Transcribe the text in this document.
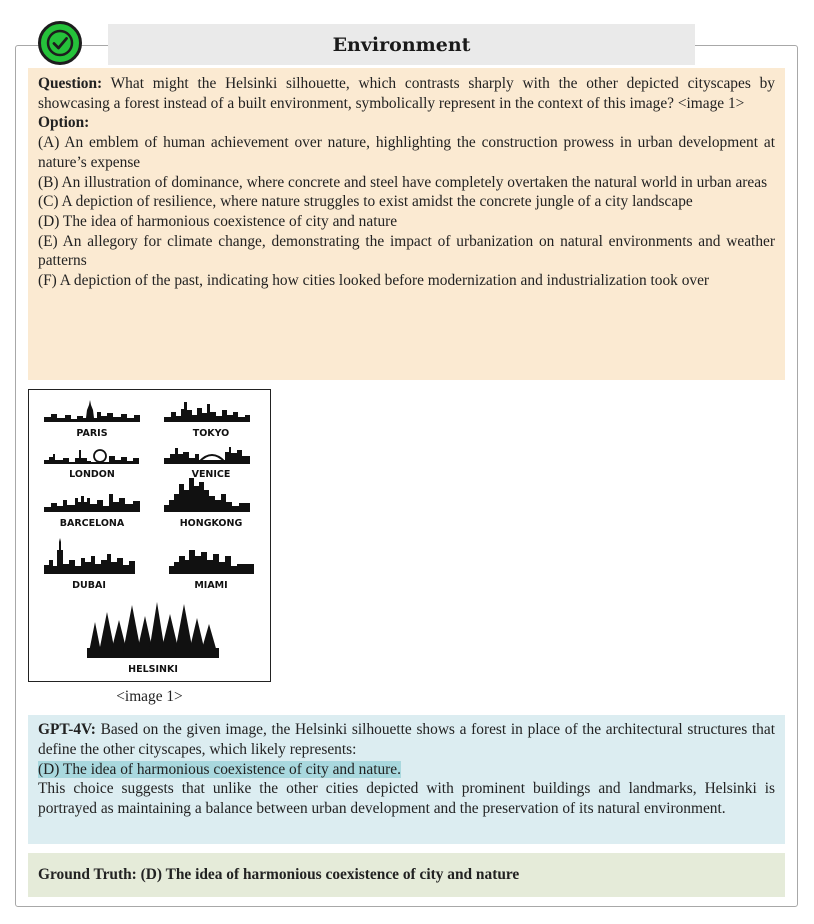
Environment

Question: What might the Helsinki silhouette, which contrasts sharply with the other depicted cityscapes by showcasing a forest instead of a built environment, symbolically represent in the context of this image? <image 1>

Option:

(A) An emblem of human achievement over nature, highlighting the construction prowess in urban development at nature’s expense

(B) An illustration of dominance, where concrete and steel have completely overtaken the natural world in urban areas

(C) A depiction of resilience, where nature struggles to exist amidst the concrete jungle of a city landscape

(D) The idea of harmonious coexistence of city and nature

(E) An allegory for climate change, demonstrating the impact of urbanization on natural environments and weather patterns

(F) A depiction of the past, indicating how cities looked before modernization and industrialization took over

PARIS	TOKYO
LONDON	VENICE
BARCELONA	HONGKONG
DUBAI	MIAMI
HELSINKI
<image 1>

GPT-4V: Based on the given image, the Helsinki silhouette shows a forest in place of the architectural structures that define the other cityscapes, which likely represents:

(D) The idea of harmonious coexistence of city and nature.

This choice suggests that unlike the other cities depicted with prominent buildings and landmarks, Helsinki is portrayed as maintaining a balance between urban development and the preservation of its natural environment.

Ground Truth: (D) The idea of harmonious coexistence of city and nature
